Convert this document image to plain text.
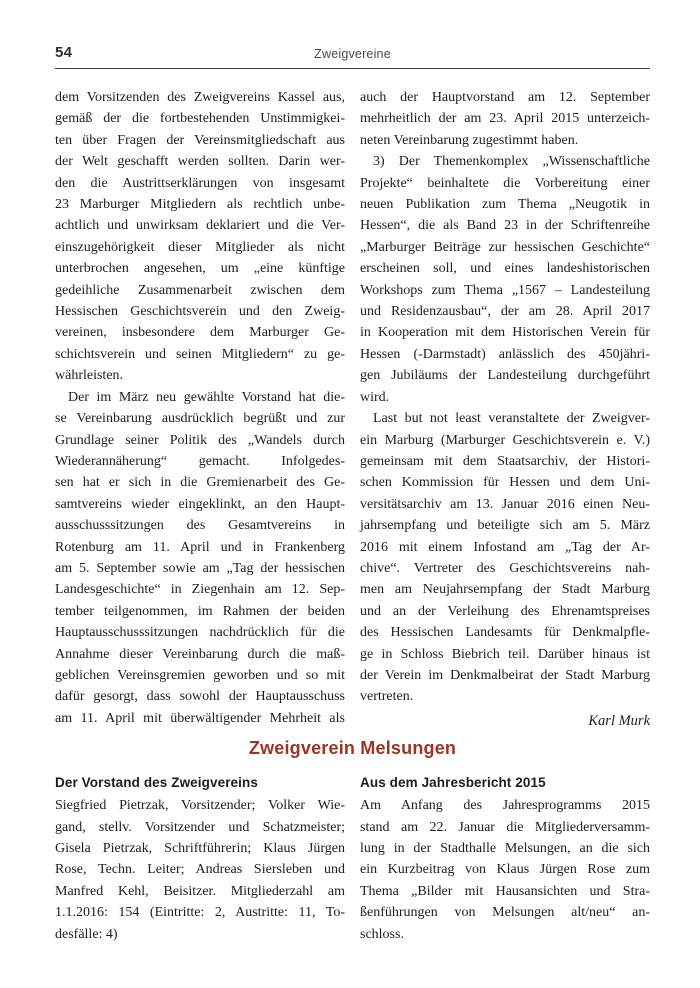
54	Zweigvereine
dem Vorsitzenden des Zweigvereins Kassel aus,
gemäß der die fortbestehenden Unstimmigkei-
ten über Fragen der Vereinsmitgliedschaft aus
der Welt geschafft werden sollten. Darin wer-
den die Austrittserklärungen von insgesamt
23 Marburger Mitgliedern als rechtlich unbe-
achtlich und unwirksam deklariert und die Ver-
einszugehörigkeit dieser Mitglieder als nicht
unterbrochen angesehen, um „eine künftige
gedeihliche Zusammenarbeit zwischen dem
Hessischen Geschichtsverein und den Zweig-
vereinen, insbesondere dem Marburger Ge-
schichtsverein und seinen Mitgliedern“ zu ge-
währleisten.
Der im März neu gewählte Vorstand hat die-
se Vereinbarung ausdrücklich begrüßt und zur
Grundlage seiner Politik des „Wandels durch
Wiederannäherung“ gemacht. Infolgedes-
sen hat er sich in die Gremienarbeit des Ge-
samtvereins wieder eingeklinkt, an den Haupt-
ausschusssitzungen des Gesamtvereins in
Rotenburg am 11. April und in Frankenberg
am 5. September sowie am „Tag der hessischen
Landesgeschichte“ in Ziegenhain am 12. Sep-
tember teilgenommen, im Rahmen der beiden
Hauptausschusssitzungen nachdrücklich für die
Annahme dieser Vereinbarung durch die maß-
geblichen Vereinsgremien geworben und so mit
dafür gesorgt, dass sowohl der Hauptausschuss
am 11. April mit überwältigender Mehrheit als
auch der Hauptvorstand am 12. September
mehrheitlich der am 23. April 2015 unterzeich-
neten Vereinbarung zugestimmt haben.
3) Der Themenkomplex „Wissenschaftliche
Projekte“ beinhaltete die Vorbereitung einer
neuen Publikation zum Thema „Neugotik in
Hessen“, die als Band 23 in der Schriftenreihe
„Marburger Beiträge zur hessischen Geschichte“
erscheinen soll, und eines landeshistorischen
Workshops zum Thema „1567 – Landesteilung
und Residenzausbau“, der am 28. April 2017
in Kooperation mit dem Historischen Verein für
Hessen (-Darmstadt) anlässlich des 450jähri-
gen Jubiläums der Landesteilung durchgeführt
wird.
Last but not least veranstaltete der Zweigver-
ein Marburg (Marburger Geschichtsverein e. V.)
gemeinsam mit dem Staatsarchiv, der Histori-
schen Kommission für Hessen und dem Uni-
versitätsarchiv am 13. Januar 2016 einen Neu-
jahrsempfang und beteiligte sich am 5. März
2016 mit einem Infostand am „Tag der Ar-
chive“. Vertreter des Geschichtsvereins nah-
men am Neujahrsempfang der Stadt Marburg
und an der Verleihung des Ehrenamtspreises
des Hessischen Landesamts für Denkmalpfle-
ge in Schloss Biebrich teil. Darüber hinaus ist
der Verein im Denkmalbeirat der Stadt Marburg
vertreten.
Karl Murk
Zweigverein Melsungen
Der Vorstand des Zweigvereins
Siegfried Pietrzak, Vorsitzender; Volker Wie-
gand, stellv. Vorsitzender und Schatzmeister;
Gisela Pietrzak, Schriftführerin; Klaus Jürgen
Rose, Techn. Leiter; Andreas Siersleben und
Manfred Kehl, Beisitzer. Mitgliederzahl am
1.1.2016: 154 (Eintritte: 2, Austritte: 11, To-
desfälle: 4)
Aus dem Jahresbericht 2015
Am Anfang des Jahresprogramms 2015
stand am 22. Januar die Mitgliederversamm-
lung in der Stadthalle Melsungen, an die sich
ein Kurzbeitrag von Klaus Jürgen Rose zum
Thema „Bilder mit Hausansichten und Stra-
ßenführungen von Melsungen alt/neu“ an-
schloss.
